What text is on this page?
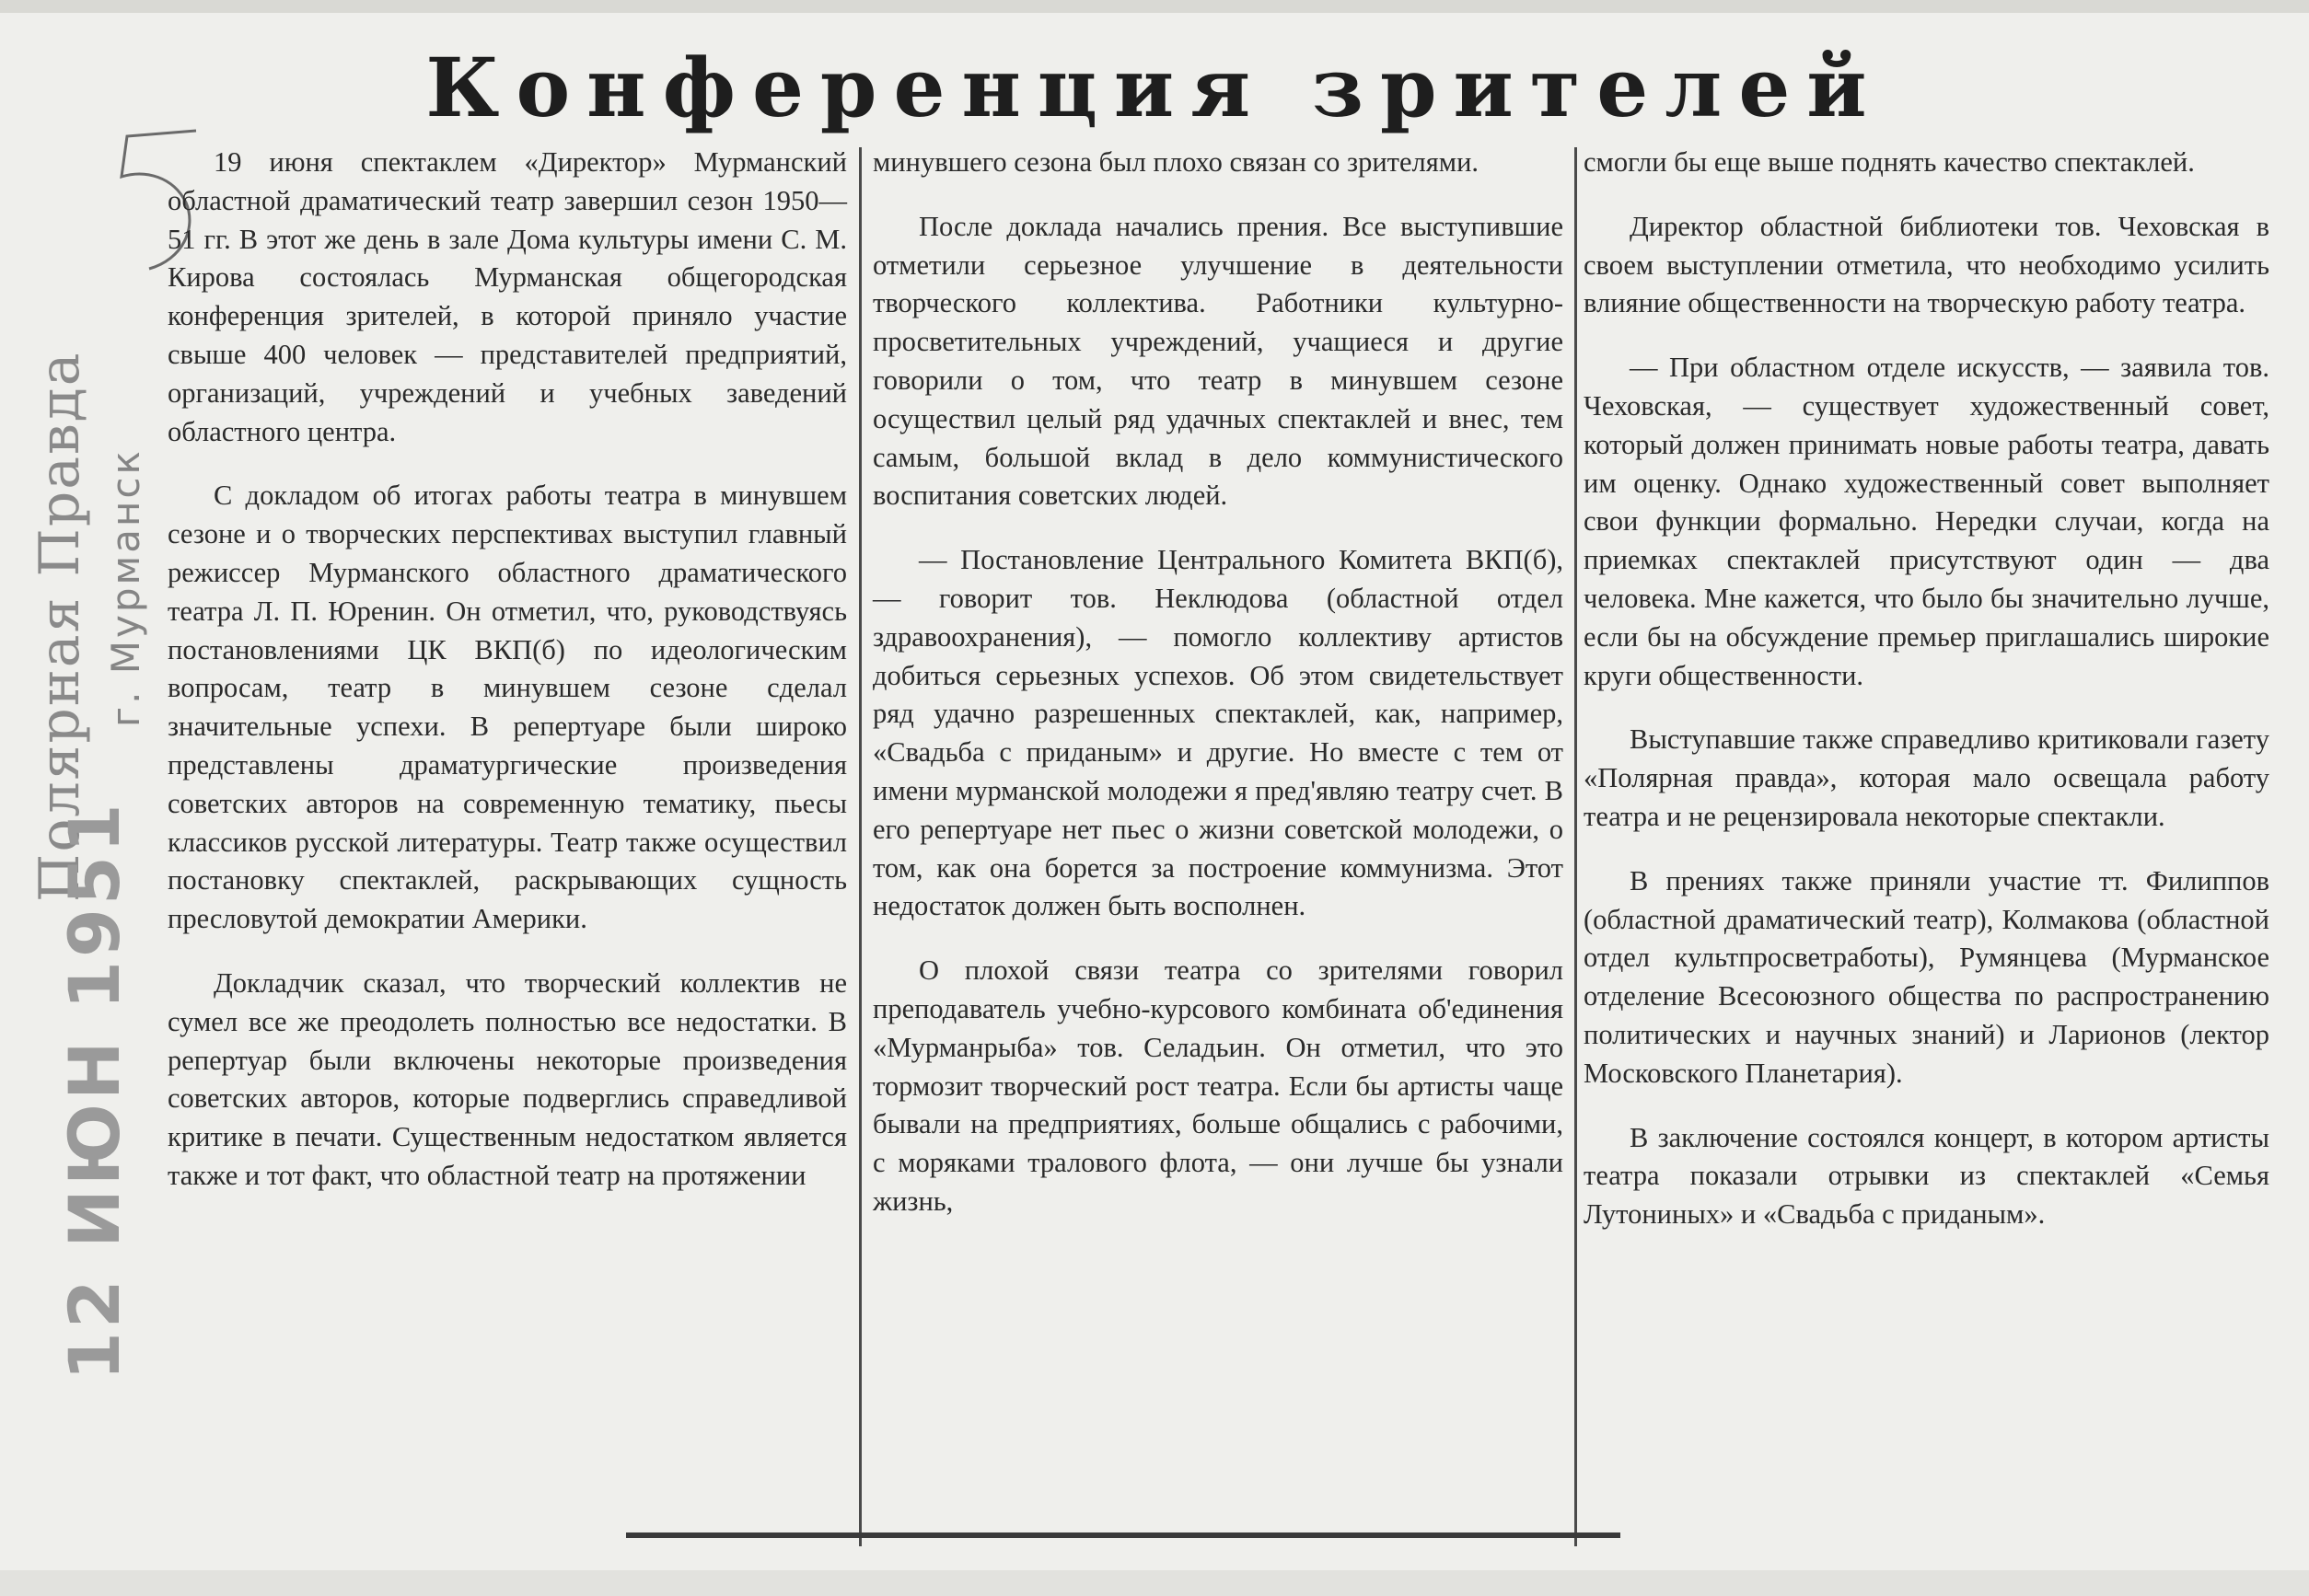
Конференция зрителей
Полярная Правда г. Мурманск
12 ИЮН 1951

19 июня спектаклем «Директор» Мурманский областной драматический театр завершил сезон 1950—51 гг. В этот же день в зале Дома культуры имени С. М. Кирова состоялась Мурманская общегородская конференция зрителей, в которой приняло участие свыше 400 человек — представителей предприятий, организаций, учреждений и учебных заведений областного центра.

С докладом об итогах работы театра в минувшем сезоне и о творческих перспективах выступил главный режиссер Мурманского областного драматического театра Л. П. Юренин. Он отметил, что, руководствуясь постановлениями ЦК ВКП(б) по идеологическим вопросам, театр в минувшем сезоне сделал значительные успехи. В репертуаре были широко представлены драматургические произведения советских авторов на современную тематику, пьесы классиков русской литературы. Театр также осуществил постановку спектаклей, раскрывающих сущность пресловутой демократии Америки.

Докладчик сказал, что творческий коллектив не сумел все же преодолеть полностью все недостатки. В репертуар были включены некоторые произведения советских авторов, которые подверглись справедливой критике в печати. Существенным недостатком является также и тот факт, что областной театр на протяжении

минувшего сезона был плохо связан со зрителями.

После доклада начались прения. Все выступившие отметили серьезное улучшение в деятельности творческого коллектива. Работники культурно-просветительных учреждений, учащиеся и другие говорили о том, что театр в минувшем сезоне осуществил целый ряд удачных спектаклей и внес, тем самым, большой вклад в дело коммунистического воспитания советских людей.

— Постановление Центрального Комитета ВКП(б), — говорит тов. Неклюдова (областной отдел здравоохранения), — помогло коллективу артистов добиться серьезных успехов. Об этом свидетельствует ряд удачно разрешенных спектаклей, как, например, «Свадьба с приданым» и другие. Но вместе с тем от имени мурманской молодежи я пред'являю театру счет. В его репертуаре нет пьес о жизни советской молодежи, о том, как она борется за построение коммунизма. Этот недостаток должен быть восполнен.

О плохой связи театра со зрителями говорил преподаватель учебно-курсового комбината об'единения «Мурманрыба» тов. Селадьин. Он отметил, что это тормозит творческий рост театра. Если бы артисты чаще бывали на предприятиях, больше общались с рабочими, с моряками тралового флота, — они лучше бы узнали жизнь,

смогли бы еще выше поднять качество спектаклей.

Директор областной библиотеки тов. Чеховская в своем выступлении отметила, что необходимо усилить влияние общественности на творческую работу театра.

— При областном отделе искусств, — заявила тов. Чеховская, — существует художественный совет, который должен принимать новые работы театра, давать им оценку. Однако художественный совет выполняет свои функции формально. Нередки случаи, когда на приемках спектаклей присутствуют один — два человека. Мне кажется, что было бы значительно лучше, если бы на обсуждение премьер приглашались широкие круги общественности.

Выступавшие также справедливо критиковали газету «Полярная правда», которая мало освещала работу театра и не рецензировала некоторые спектакли.

В прениях также приняли участие тт. Филиппов (областной драматический театр), Колмакова (областной отдел культпросветработы), Румянцева (Мурманское отделение Всесоюзного общества по распространению политических и научных знаний) и Ларионов (лектор Московского Планетария).

В заключение состоялся концерт, в котором артисты театра показали отрывки из спектаклей «Семья Лутониных» и «Свадьба с приданым».
